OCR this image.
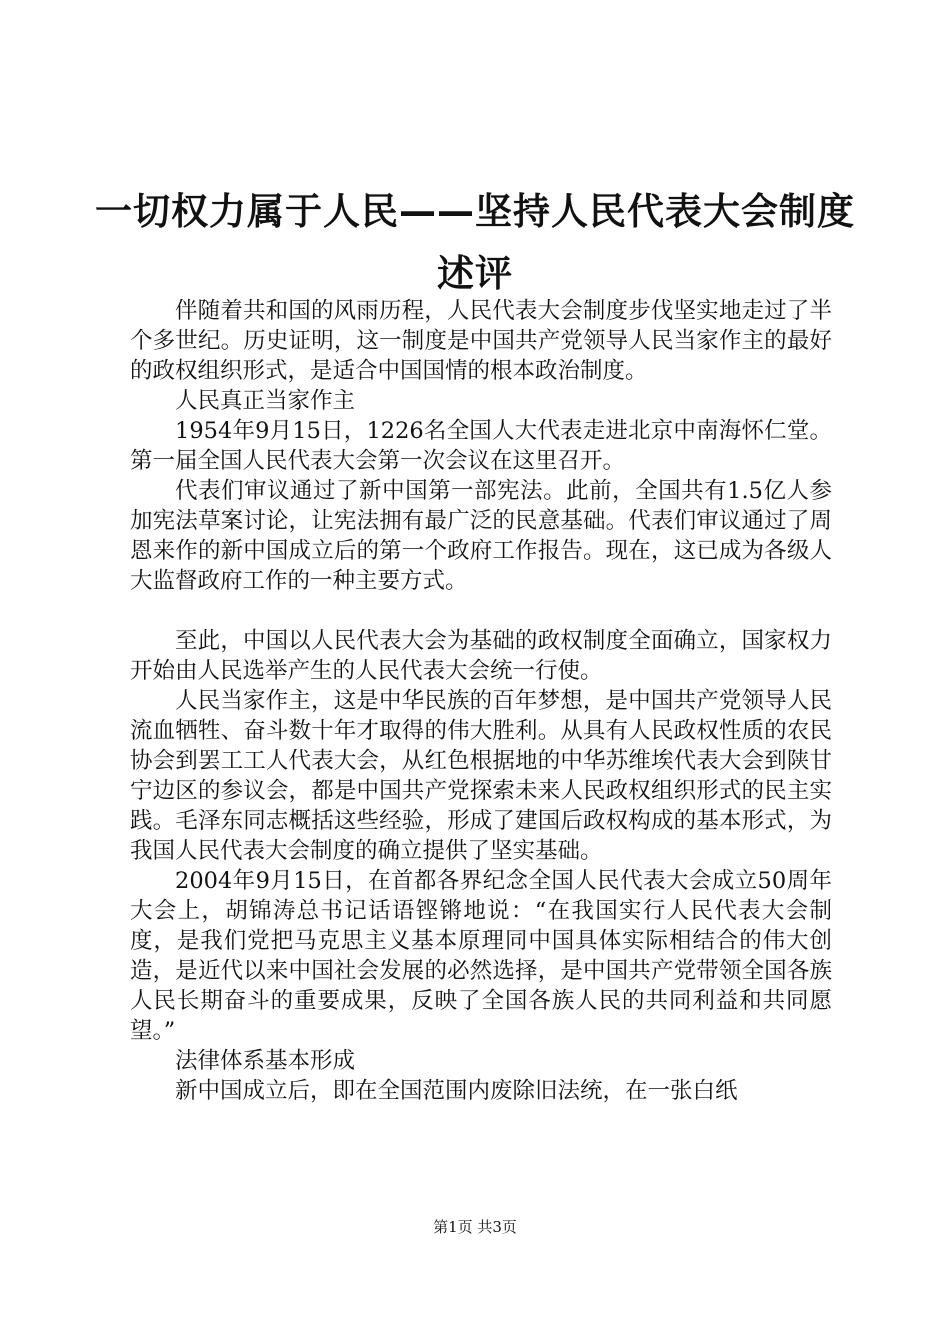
一切权力属于人民——坚持人民代表大会制度
述评

伴随着共和国的风雨历程，人民代表大会制度步伐坚实地走过了半个多世纪。历史证明，这一制度是中国共产党领导人民当家作主的最好的政权组织形式，是适合中国国情的根本政治制度。

人民真正当家作主

1954年9月15日，1226名全国人大代表走进北京中南海怀仁堂。第一届全国人民代表大会第一次会议在这里召开。

代表们审议通过了新中国第一部宪法。此前，全国共有1.5亿人参加宪法草案讨论，让宪法拥有最广泛的民意基础。代表们审议通过了周恩来作的新中国成立后的第一个政府工作报告。现在，这已成为各级人大监督政府工作的一种主要方式。

至此，中国以人民代表大会为基础的政权制度全面确立，国家权力开始由人民选举产生的人民代表大会统一行使。

人民当家作主，这是中华民族的百年梦想，是中国共产党领导人民流血牺牲、奋斗数十年才取得的伟大胜利。从具有人民政权性质的农民协会到罢工工人代表大会，从红色根据地的中华苏维埃代表大会到陕甘宁边区的参议会，都是中国共产党探索未来人民政权组织形式的民主实践。毛泽东同志概括这些经验，形成了建国后政权构成的基本形式，为我国人民代表大会制度的确立提供了坚实基础。

2004年9月15日，在首都各界纪念全国人民代表大会成立50周年大会上，胡锦涛总书记话语铿锵地说：“在我国实行人民代表大会制度，是我们党把马克思主义基本原理同中国具体实际相结合的伟大创造，是近代以来中国社会发展的必然选择，是中国共产党带领全国各族人民长期奋斗的重要成果，反映了全国各族人民的共同利益和共同愿望。”

法律体系基本形成

新中国成立后，即在全国范围内废除旧法统，在一张白纸

第1页 共3页
